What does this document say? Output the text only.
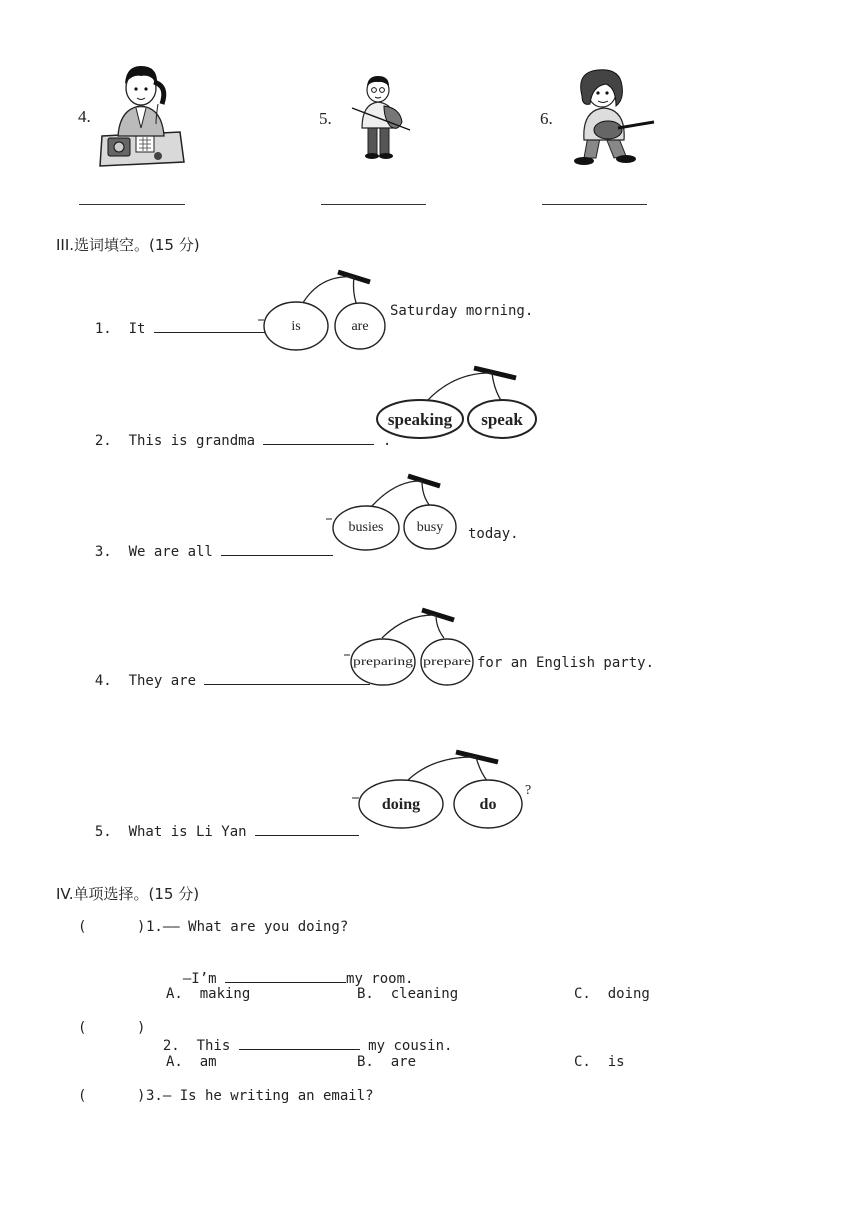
4.	5.	6.
III.选词填空。(15 分)

1.  It	is	are
Saturday morning.

2.  This is grandma	.

speaking speak

3.  We are all

busies busy today.

4.  They are

preparing prepare for an English party.

5.  What is Li Yan

doing	do
?
IV.单项选择。(15 分)
(      ) 1.—— What are you doing?

—I’m	my room.

A.  making	B.  cleaning	C.  doing
(      )

2.  This	my cousin.

A.  am	B.  are	C.  is
(      ) 3.— Is he writing an email?
